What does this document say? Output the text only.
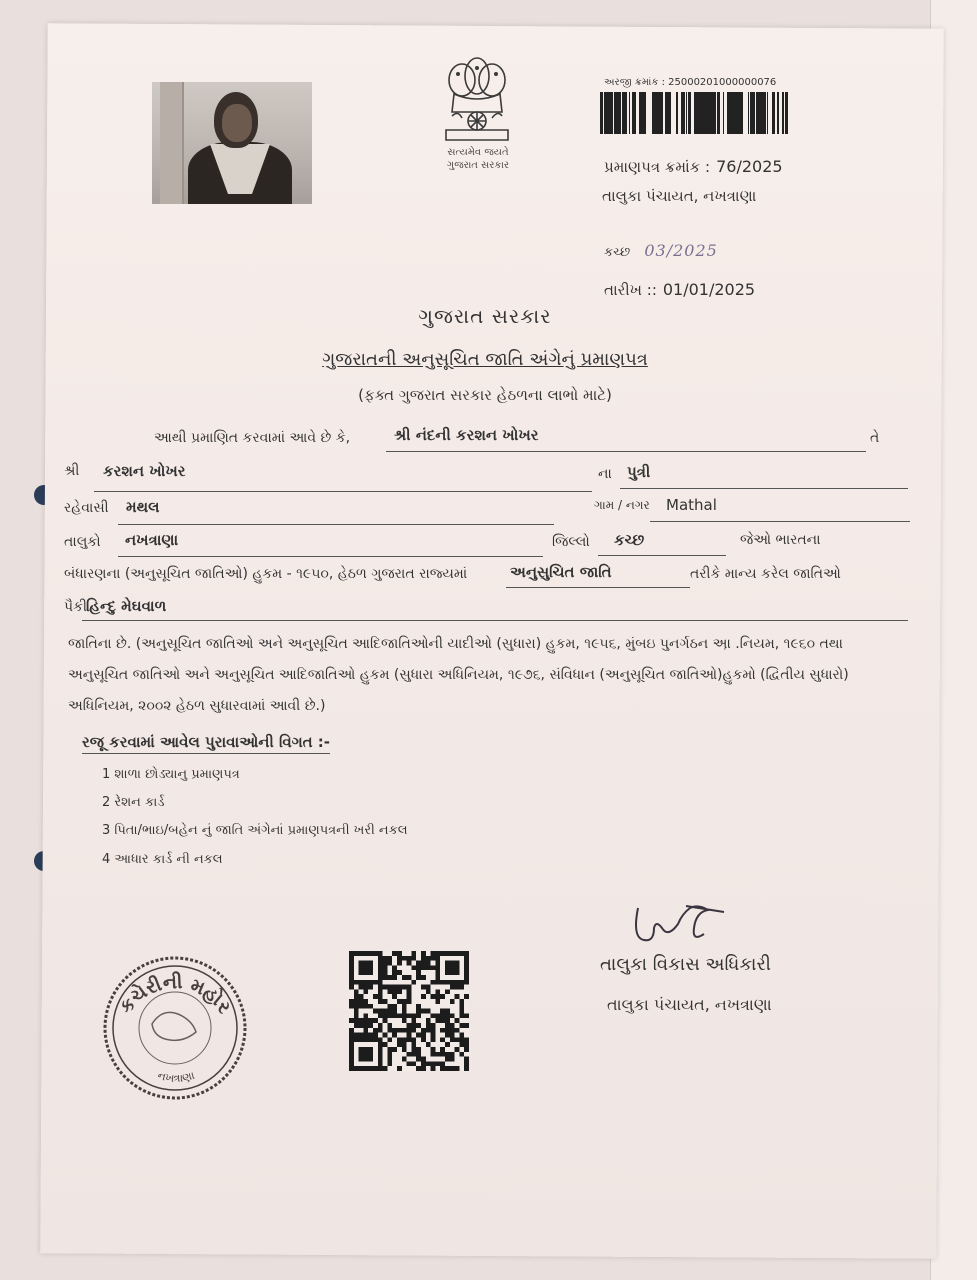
સત્યમેવ જયતે
ગુજરાત સરકાર
અરજી ક્રમાંક : 25000201000000076
પ્રમાણપત્ર ક્રમાંક : 76/2025
તાલુકા પંચાયત, નખત્રાણા
કચ્છ 03/2025
તારીખ :: 01/01/2025
ગુજરાત સરકાર
ગુજરાતની અનુસૂચિત જાતિ અંગેનું પ્રમાણપત્ર
(ફક્ત ગુજરાત સરકાર હેઠળના લાભો માટે)
આથી પ્રમાણિત કરવામાં આવે છે કે,	શ્રી નંદની કરશન ખોખર	તે
શ્રી કરશન ખોખર	ના પુત્રી
રહેવાસી મથલ	ગામ / નગર Mathal
તાલુકો નખત્રાણા	જિલ્લો કચ્છ	જેઓ ભારતના
બંધારણના (અનુસૂચિત જાતિઓ) હુકમ - ૧૯૫૦, હેઠળ ગુજરાત રાજ્યમાં	અનુસુચિત જાતિ	તરીકે માન્ય કરેલ જાતિઓ
પૈકી હિન્દુ મેઘવાળ
જાતિના છે. (અનુસૂચિત જાતિઓ અને અનુસૂચિત આદિજાતિઓની યાદીઓ (સુધારા) હુકમ, ૧૯૫૬, મુંબઇ પુનર્ગઠન અ઼ા .નિયમ, ૧૯૬૦ તથા અનુસૂચિત જાતિઓ અને અનુસૂચિત આદિજાતિઓ હુકમ (સુધારા અધિનિયમ, ૧૯૭૬, સંવિધાન (અનુસૂચિત જાતિઓ)હુકમો (દ્વિતીય સુધારો) અધિનિયમ, ૨૦૦૨ હેઠળ સુધારવામાં આવી છે.)
રજૂ કરવામાં આવેલ પુરાવાઓની વિગત :-
1 શાળા છોડ્યાનુ પ્રમાણપત્ર
2 રેશન કાર્ડ
3 પિતા/ભાઇ/બહેન નું જાતિ અંગેનાં પ્રમાણપત્રની ખરી નકલ
4 આધાર કાર્ડ ની નકલ
તાલુકા વિકાસ અધિકારી
તાલુકા પંચાયત, નખત્રાણા
કચેરીની મહોર
નખત્રાણા
